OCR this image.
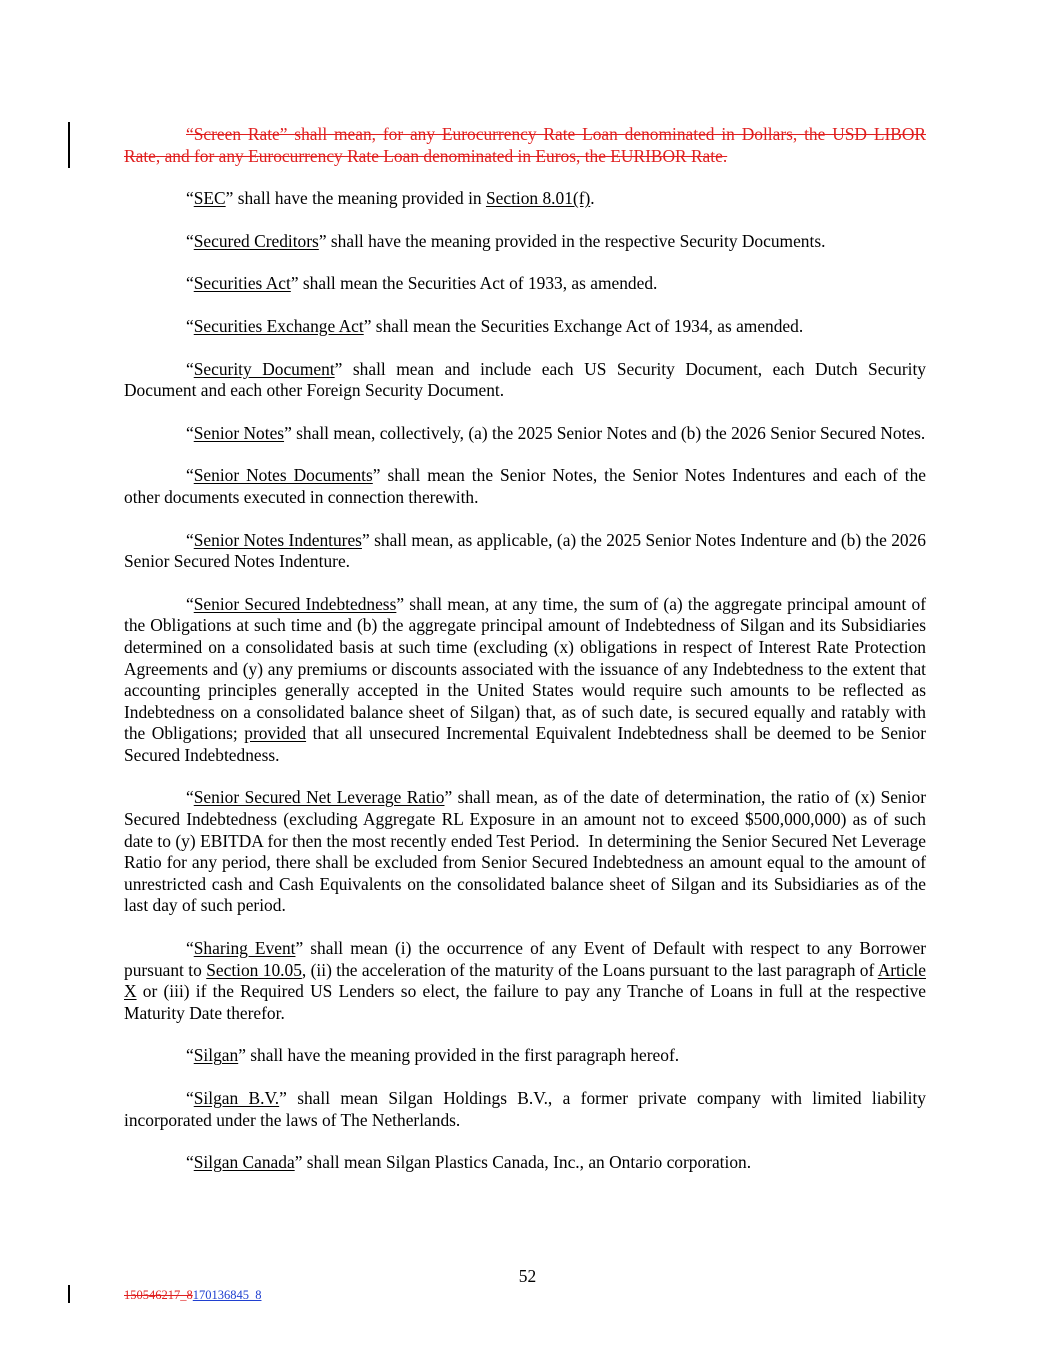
“Screen Rate” shall mean, for any Eurocurrency Rate Loan denominated in Dollars, the USD LIBOR Rate, and for any Eurocurrency Rate Loan denominated in Euros, the EURIBOR Rate.

“SEC” shall have the meaning provided in Section 8.01(f).

“Secured Creditors” shall have the meaning provided in the respective Security Documents.

“Securities Act” shall mean the Securities Act of 1933, as amended.

“Securities Exchange Act” shall mean the Securities Exchange Act of 1934, as amended.

“Security Document” shall mean and include each US Security Document, each Dutch Security Document and each other Foreign Security Document.

“Senior Notes” shall mean, collectively, (a) the 2025 Senior Notes and (b) the 2026 Senior Secured Notes.

“Senior Notes Documents” shall mean the Senior Notes, the Senior Notes Indentures and each of the other documents executed in connection therewith.

“Senior Notes Indentures” shall mean, as applicable, (a) the 2025 Senior Notes Indenture and (b) the 2026 Senior Secured Notes Indenture.

“Senior Secured Indebtedness” shall mean, at any time, the sum of (a) the aggregate principal amount of the Obligations at such time and (b) the aggregate principal amount of Indebtedness of Silgan and its Subsidiaries determined on a consolidated basis at such time (excluding (x) obligations in respect of Interest Rate Protection Agreements and (y) any premiums or discounts associated with the issuance of any Indebtedness to the extent that accounting principles generally accepted in the United States would require such amounts to be reflected as Indebtedness on a consolidated balance sheet of Silgan) that, as of such date, is secured equally and ratably with the Obligations; provided that all unsecured Incremental Equivalent Indebtedness shall be deemed to be Senior Secured Indebtedness.

“Senior Secured Net Leverage Ratio” shall mean, as of the date of determination, the ratio of (x) Senior Secured Indebtedness (excluding Aggregate RL Exposure in an amount not to exceed $500,000,000) as of such date to (y) EBITDA for then the most recently ended Test Period.  In determining the Senior Secured Net Leverage Ratio for any period, there shall be excluded from Senior Secured Indebtedness an amount equal to the amount of unrestricted cash and Cash Equivalents on the consolidated balance sheet of Silgan and its Subsidiaries as of the last day of such period.

“Sharing Event” shall mean (i) the occurrence of any Event of Default with respect to any Borrower pursuant to Section 10.05, (ii) the acceleration of the maturity of the Loans pursuant to the last paragraph of Article X or (iii) if the Required US Lenders so elect, the failure to pay any Tranche of Loans in full at the respective Maturity Date therefor.

“Silgan” shall have the meaning provided in the first paragraph hereof.

“Silgan B.V.” shall mean Silgan Holdings B.V., a former private company with limited liability incorporated under the laws of The Netherlands.

“Silgan Canada” shall mean Silgan Plastics Canada, Inc., an Ontario corporation.

52
150546217_8170136845_8
